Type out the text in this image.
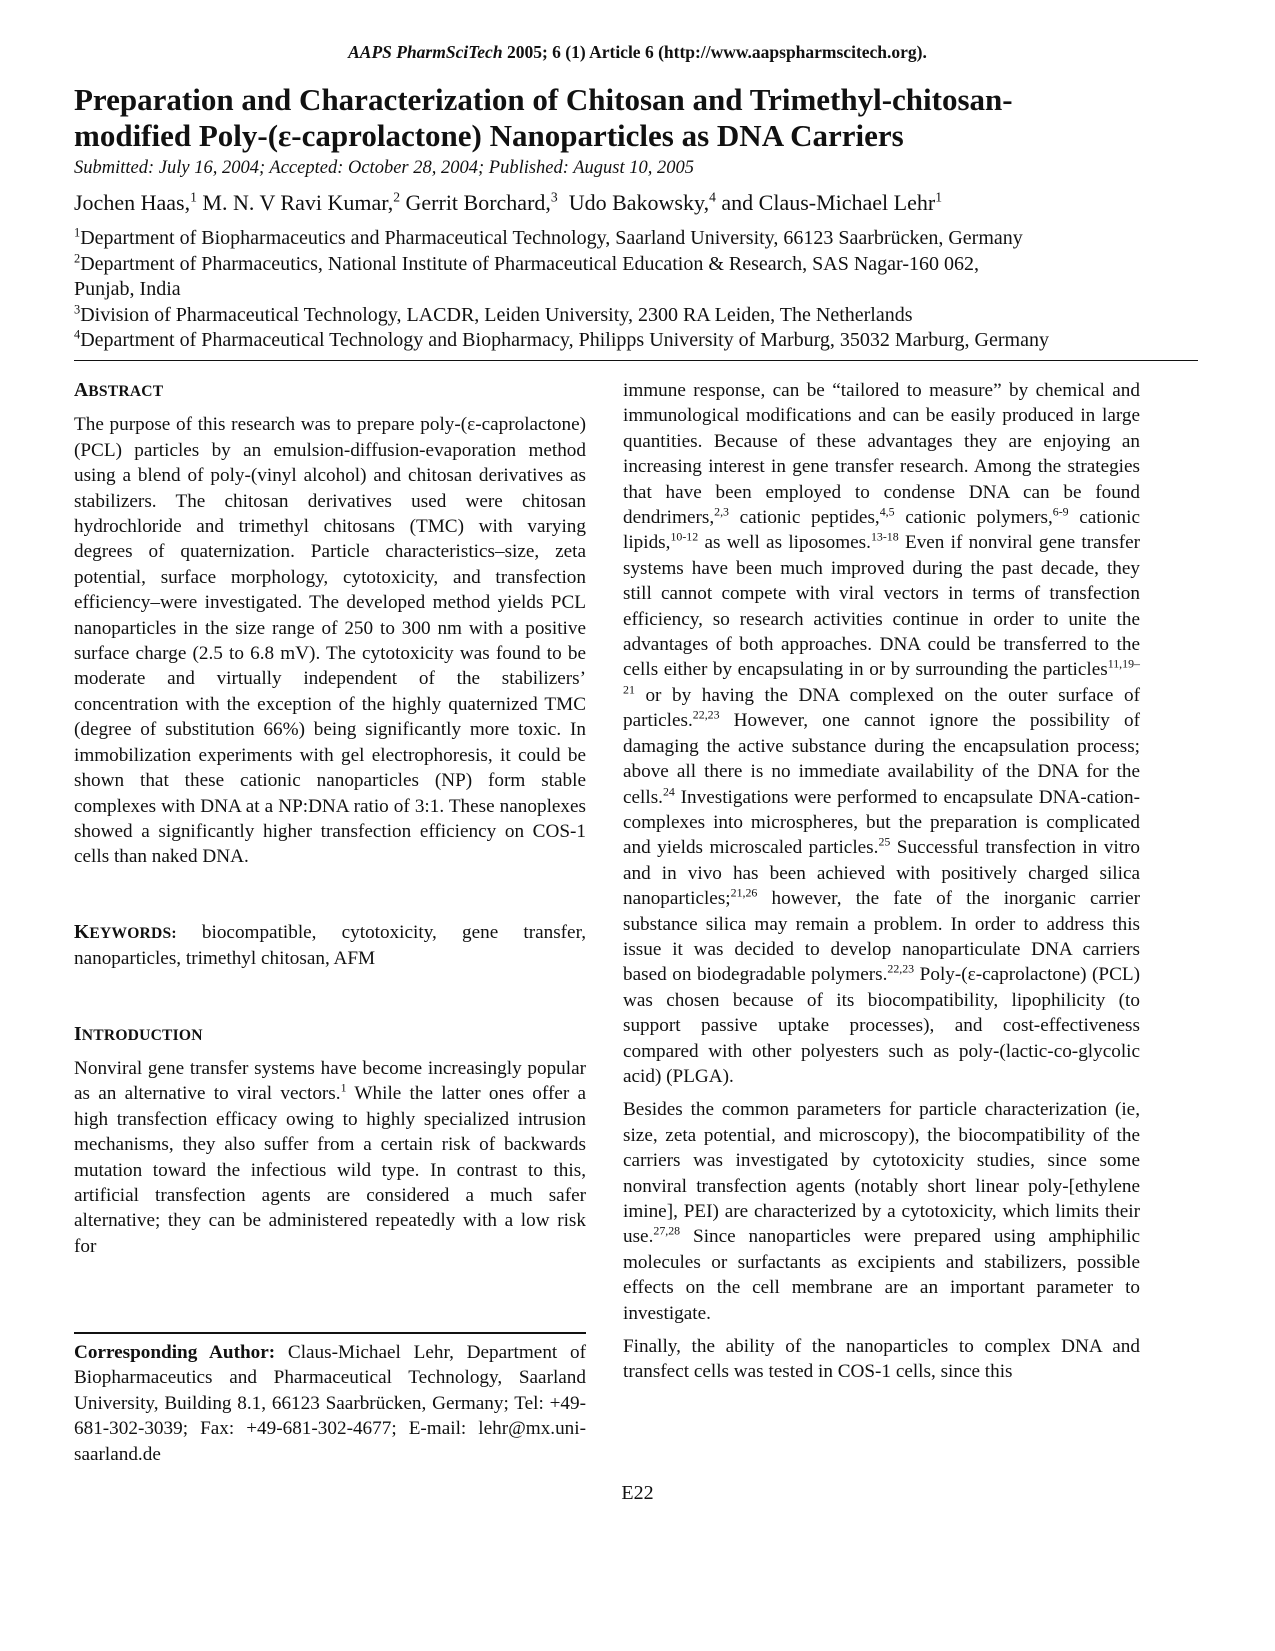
AAPS PharmSciTech 2005; 6 (1) Article 6 (http://www.aapspharmscitech.org).
Preparation and Characterization of Chitosan and Trimethyl-chitosan-
modified Poly-(ε-caprolactone) Nanoparticles as DNA Carriers
Submitted: July 16, 2004; Accepted: October 28, 2004; Published: August 10, 2005
Jochen Haas,$^1$ M. N. V Ravi Kumar,$^2$ Gerrit Borchard,$^3$  Udo Bakowsky,$^4$ and Claus-Michael Lehr$^1$
$^1$Department of Biopharmaceutics and Pharmaceutical Technology, Saarland University, 66123 Saarbrücken, Germany
$^2$Department of Pharmaceutics, National Institute of Pharmaceutical Education & Research, SAS Nagar-160 062,
Punjab, India
$^3$Division of Pharmaceutical Technology, LACDR, Leiden University, 2300 RA Leiden, The Netherlands
$^4$Department of Pharmaceutical Technology and Biopharmacy, Philipps University of Marburg, 35032 Marburg, Germany

ABSTRACT

The purpose of this research was to prepare poly-(ε-caprolactone) (PCL) particles by an emulsion-diffusion-evaporation method using a blend of poly-(vinyl alcohol) and chitosan derivatives as stabilizers. The chitosan derivatives used were chitosan hydrochloride and trimethyl chitosans (TMC) with varying degrees of quaternization. Particle characteristics–size, zeta potential, surface morphology, cytotoxicity, and transfection efficiency–were investigated. The developed method yields PCL nanoparticles in the size range of 250 to 300 nm with a positive surface charge (2.5 to 6.8 mV). The cytotoxicity was found to be moderate and virtually independent of the stabilizers’ concentration with the exception of the highly quaternized TMC (degree of substitution 66%) being significantly more toxic. In immobilization experiments with gel electrophoresis, it could be shown that these cationic nanoparticles (NP) form stable complexes with DNA at a NP:DNA ratio of 3:1. These nanoplexes showed a significantly higher transfection efficiency on COS-1 cells than naked DNA.

KEYWORDS: biocompatible, cytotoxicity, gene transfer, nanoparticles, trimethyl chitosan, AFM

INTRODUCTION

Nonviral gene transfer systems have become increasingly popular as an alternative to viral vectors.$^1$ While the latter ones offer a high transfection efficacy owing to highly specialized intrusion mechanisms, they also suffer from a certain risk of backwards mutation toward the infectious wild type. In contrast to this, artificial transfection agents are considered a much safer alternative; they can be administered repeatedly with a low risk for

Corresponding Author: Claus-Michael Lehr, Department of Biopharmaceutics and Pharmaceutical Technology, Saarland University, Building 8.1, 66123 Saarbrücken, Germany; Tel: +49-681-302-3039; Fax: +49-681-302-4677; E-mail: lehr@mx.uni-saarland.de

immune response, can be “tailored to measure” by chemical and immunological modifications and can be easily produced in large quantities. Because of these advantages they are enjoying an increasing interest in gene transfer research. Among the strategies that have been employed to condense DNA can be found dendrimers,$^{2,3}$ cationic peptides,$^{4,5}$ cationic polymers,$^{6-9}$ cationic lipids,$^{10-12}$ as well as liposomes.$^{13-18}$ Even if nonviral gene transfer systems have been much improved during the past decade, they still cannot compete with viral vectors in terms of transfection efficiency, so research activities continue in order to unite the advantages of both approaches. DNA could be transferred to the cells either by encapsulating in or by surrounding the particles$^{11,19-21}$ or by having the DNA complexed on the outer surface of particles.$^{22,23}$ However, one cannot ignore the possibility of damaging the active substance during the encapsulation process; above all there is no immediate availability of the DNA for the cells.$^{24}$ Investigations were performed to encapsulate DNA-cation-complexes into microspheres, but the preparation is complicated and yields microscaled particles.$^{25}$ Successful transfection in vitro and in vivo has been achieved with positively charged silica nanoparticles;$^{21,26}$ however, the fate of the inorganic carrier substance silica may remain a problem. In order to address this issue it was decided to develop nanoparticulate DNA carriers based on biodegradable polymers.$^{22,23}$ Poly-(ε-caprolactone) (PCL) was chosen because of its biocompatibility, lipophilicity (to support passive uptake processes), and cost-effectiveness compared with other polyesters such as poly-(lactic-co-glycolic acid) (PLGA).

Besides the common parameters for particle characterization (ie, size, zeta potential, and microscopy), the biocompatibility of the carriers was investigated by cytotoxicity studies, since some nonviral transfection agents (notably short linear poly-[ethylene imine], PEI) are characterized by a cytotoxicity, which limits their use.$^{27,28}$ Since nanoparticles were prepared using amphiphilic molecules or surfactants as excipients and stabilizers, possible effects on the cell membrane are an important parameter to investigate.

Finally, the ability of the nanoparticles to complex DNA and transfect cells was tested in COS-1 cells, since this

E22
